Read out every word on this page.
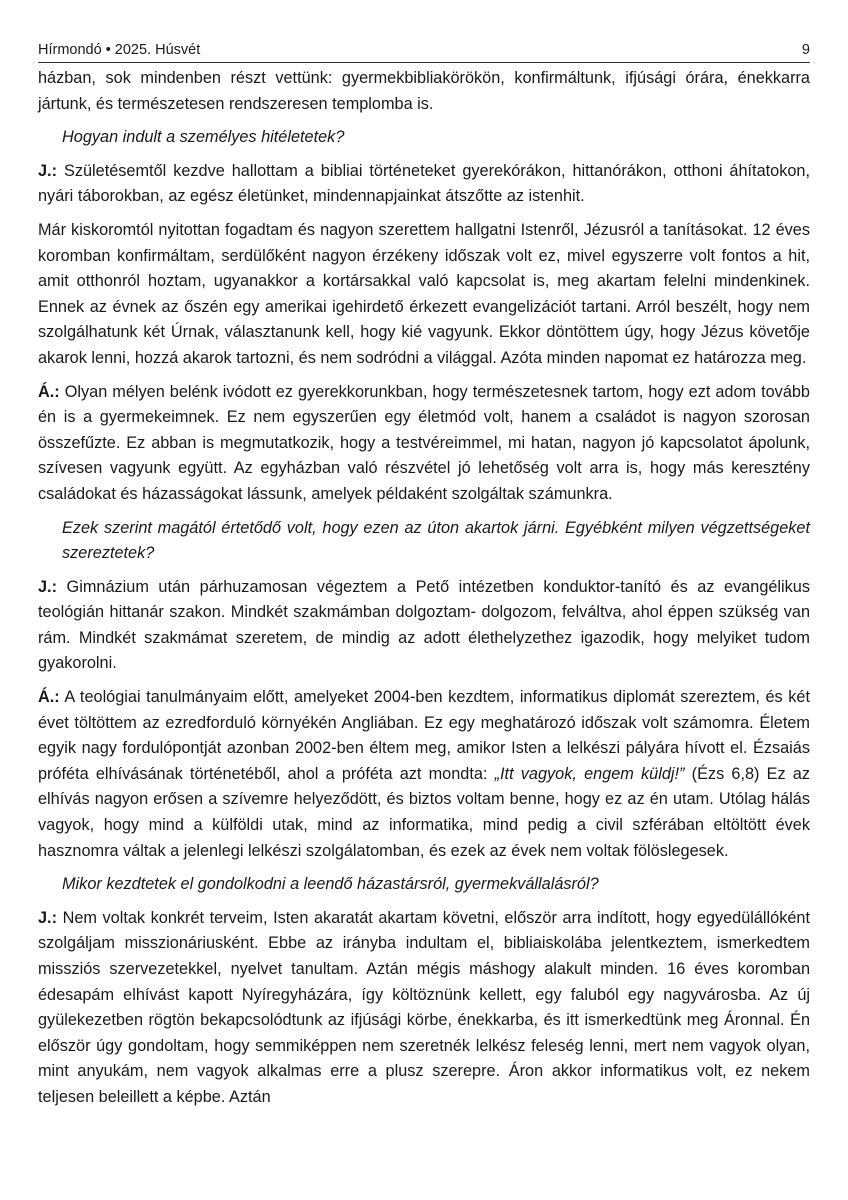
Hírmondó • 2025. Húsvét	9

házban, sok mindenben részt vettünk: gyermekbibliakörökön, konfirmáltunk, ifjúsági órára, énekkarra jártunk, és természetesen rendszeresen templomba is.

Hogyan indult a személyes hitéletetek?

J.: Születésemtől kezdve hallottam a bibliai történeteket gyerekórákon, hittanórákon, otthoni áhítatokon, nyári táborokban, az egész életünket, mindennapjainkat átszőtte az istenhit.

Már kiskoromtól nyitottan fogadtam és nagyon szerettem hallgatni Istenről, Jézusról a tanításokat. 12 éves koromban konfirmáltam, serdülőként nagyon érzékeny időszak volt ez, mivel egyszerre volt fontos a hit, amit otthonról hoztam, ugyanakkor a kortársakkal való kapcsolat is, meg akartam felelni mindenkinek. Ennek az évnek az őszén egy amerikai igehirdető érkezett evangelizációt tartani. Arról beszélt, hogy nem szolgálhatunk két Úrnak, választanunk kell, hogy kié vagyunk. Ekkor döntöttem úgy, hogy Jézus követője akarok lenni, hozzá akarok tartozni, és nem sodródni a világgal. Azóta minden napomat ez határozza meg.

Á.: Olyan mélyen belénk ivódott ez gyerekkorunkban, hogy természetesnek tartom, hogy ezt adom tovább én is a gyermekeimnek. Ez nem egyszerűen egy életmód volt, hanem a családot is nagyon szorosan összefűzte. Ez abban is megmutatkozik, hogy a testvéreimmel, mi hatan, nagyon jó kapcsolatot ápolunk, szívesen vagyunk együtt. Az egyházban való részvétel jó lehetőség volt arra is, hogy más keresztény családokat és házasságokat lássunk, amelyek példaként szolgáltak számunkra.

Ezek szerint magától értetődő volt, hogy ezen az úton akartok járni. Egyébként milyen végzettségeket szereztetek?

J.: Gimnázium után párhuzamosan végeztem a Pető intézetben konduktor-tanító és az evangélikus teológián hittanár szakon. Mindkét szakmámban dolgoztam- dolgozom, felváltva, ahol éppen szükség van rám. Mindkét szakmámat szeretem, de mindig az adott élethelyzethez igazodik, hogy melyiket tudom gyakorolni.

Á.: A teológiai tanulmányaim előtt, amelyeket 2004-ben kezdtem, informatikus diplomát szereztem, és két évet töltöttem az ezredforduló környékén Angliában. Ez egy meghatározó időszak volt számomra. Életem egyik nagy fordulópontját azonban 2002-ben éltem meg, amikor Isten a lelkészi pályára hívott el. Ézsaiás próféta elhívásának történetéből, ahol a próféta azt mondta: „Itt vagyok, engem küldj!” (Ézs 6,8) Ez az elhívás nagyon erősen a szívemre helyeződött, és biztos voltam benne, hogy ez az én utam. Utólag hálás vagyok, hogy mind a külföldi utak, mind az informatika, mind pedig a civil szférában eltöltött évek hasznomra váltak a jelenlegi lelkészi szolgálatomban, és ezek az évek nem voltak fölöslegesek.

Mikor kezdtetek el gondolkodni a leendő házastársról, gyermekvállalásról?

J.: Nem voltak konkrét terveim, Isten akaratát akartam követni, először arra indított, hogy egyedülállóként szolgáljam misszionáriusként. Ebbe az irányba indultam el, bibliaiskolába jelentkeztem, ismerkedtem missziós szervezetekkel, nyelvet tanultam. Aztán mégis máshogy alakult minden. 16 éves koromban édesapám elhívást kapott Nyíregyházára, így költöznünk kellett, egy faluból egy nagyvárosba. Az új gyülekezetben rögtön bekapcsolódtunk az ifjúsági körbe, énekkarba, és itt ismerkedtünk meg Áronnal. Én először úgy gondoltam, hogy semmiképpen nem szeretnék lelkész feleség lenni, mert nem vagyok olyan, mint anyukám, nem vagyok alkalmas erre a plusz szerepre. Áron akkor informatikus volt, ez nekem teljesen beleillett a képbe. Aztán
